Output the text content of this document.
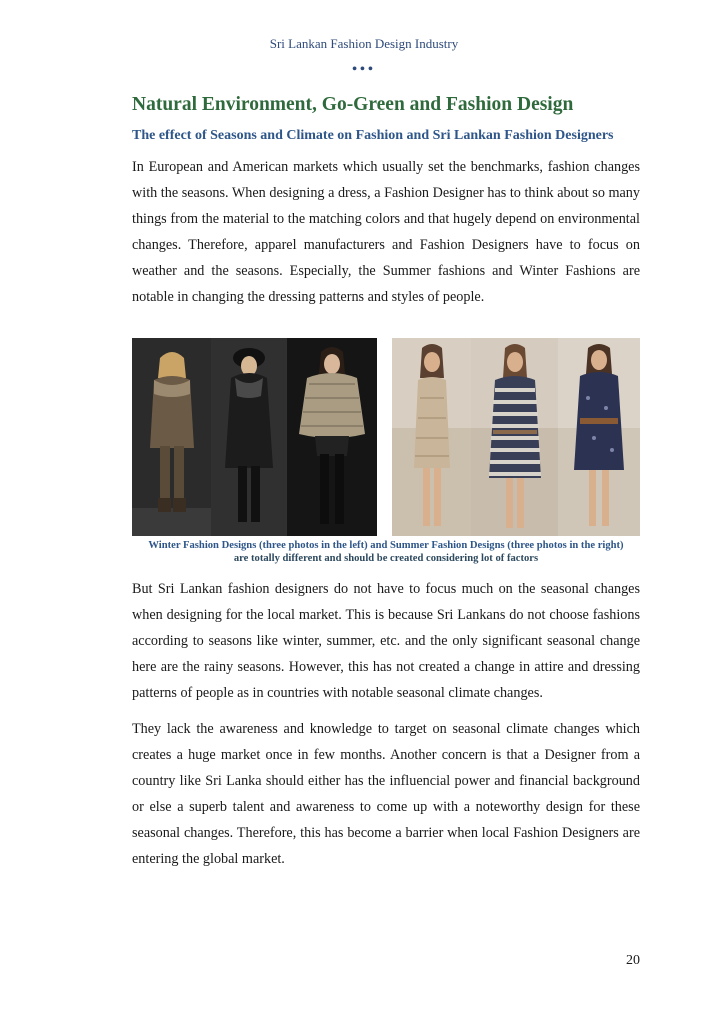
Sri Lankan Fashion Design Industry
•••
Natural Environment, Go-Green and Fashion Design
The effect of Seasons and Climate on Fashion and Sri Lankan Fashion Designers

In European and American markets which usually set the benchmarks, fashion changes with the seasons. When designing a dress, a Fashion Designer has to think about so many things from the material to the matching colors and that hugely depend on environmental changes. Therefore, apparel manufacturers and Fashion Designers have to focus on weather and the seasons. Especially, the Summer fashions and Winter Fashions are notable in changing the dressing patterns and styles of people.

Winter Fashion Designs (three photos in the left) and Summer Fashion Designs (three photos in the right)
are totally different and should be created considering lot of factors

But Sri Lankan fashion designers do not have to focus much on the seasonal changes when designing for the local market. This is because Sri Lankans do not choose fashions according to seasons like winter, summer, etc. and the only significant seasonal change here are the rainy seasons. However, this has not created a change in attire and dressing patterns of people as in countries with notable seasonal climate changes.

They lack the awareness and knowledge to target on seasonal climate changes which creates a huge market once in few months. Another concern is that a Designer from a country like Sri Lanka should either has the influencial power and financial background or else a superb talent and awareness to come up with a noteworthy design for these seasonal changes. Therefore, this has become a barrier when local Fashion Designers are entering the global market.

20
